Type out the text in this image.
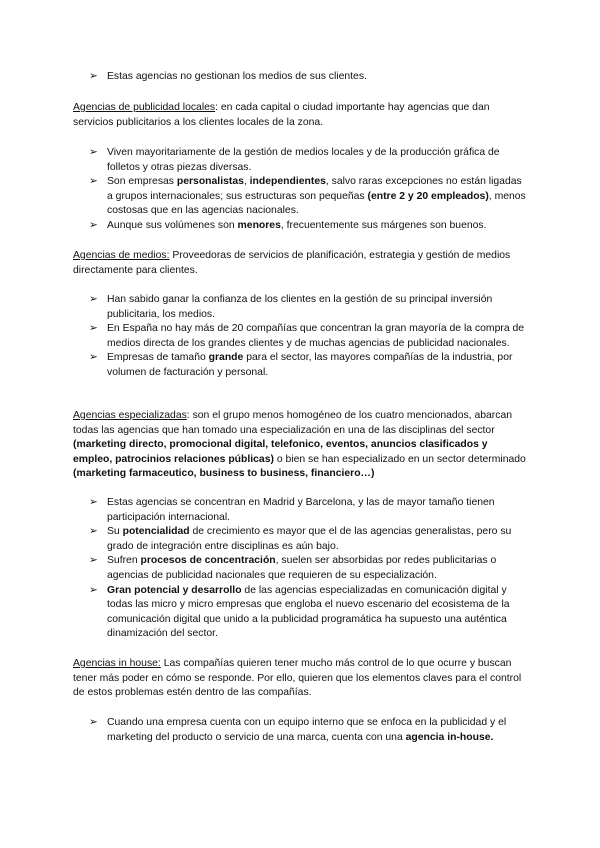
➢ Estas agencias no gestionan los medios de sus clientes.

Agencias de publicidad locales: en cada capital o ciudad importante hay agencias que dan servicios publicitarios a los clientes locales de la zona.

➢ Viven mayoritariamente de la gestión de medios locales y de la producción gráfica de folletos y otras piezas diversas.

➢ Son empresas personalistas, independientes, salvo raras excepciones no están ligadas a grupos internacionales; sus estructuras son pequeñas (entre 2 y 20 empleados), menos costosas que en las agencias nacionales.

➢ Aunque sus volúmenes son menores, frecuentemente sus márgenes son buenos.

Agencias de medios: Proveedoras de servicios de planificación, estrategia y gestión de medios directamente para clientes.

➢ Han sabido ganar la confianza de los clientes en la gestión de su principal inversión publicitaria, los medios.

➢ En España no hay más de 20 compañías que concentran la gran mayoría de la compra de medios directa de los grandes clientes y de muchas agencias de publicidad nacionales.

➢ Empresas de tamaño grande para el sector, las mayores compañías de la industria, por volumen de facturación y personal.

Agencias especializadas: son el grupo menos homogéneo de los cuatro mencionados, abarcan todas las agencias que han tomado una especialización en una de las disciplinas del sector (marketing directo, promocional digital, telefonico, eventos, anuncios clasificados y empleo, patrocinios relaciones públicas) o bien se han especializado en un sector determinado (marketing farmaceutico, business to business, financiero…)

➢ Estas agencias se concentran en Madrid y Barcelona, y las de mayor tamaño tienen participación internacional.

➢ Su potencialidad de crecimiento es mayor que el de las agencias generalistas, pero su grado de integración entre disciplinas es aún bajo.

➢ Sufren procesos de concentración, suelen ser absorbidas por redes publicitarias o agencias de publicidad nacionales que requieren de su especialización.

➢ Gran potencial y desarrollo de las agencias especializadas en comunicación digital y todas las micro y micro empresas que engloba el nuevo escenario del ecosistema de la comunicación digital que unido a la publicidad programática ha supuesto una auténtica dinamización del sector.

Agencias in house: Las compañías quieren tener mucho más control de lo que ocurre y buscan tener más poder en cómo se responde. Por ello, quieren que los elementos claves para el control de estos problemas estén dentro de las compañías.

➢ Cuando una empresa cuenta con un equipo interno que se enfoca en la publicidad y el marketing del producto o servicio de una marca, cuenta con una agencia in-house.
